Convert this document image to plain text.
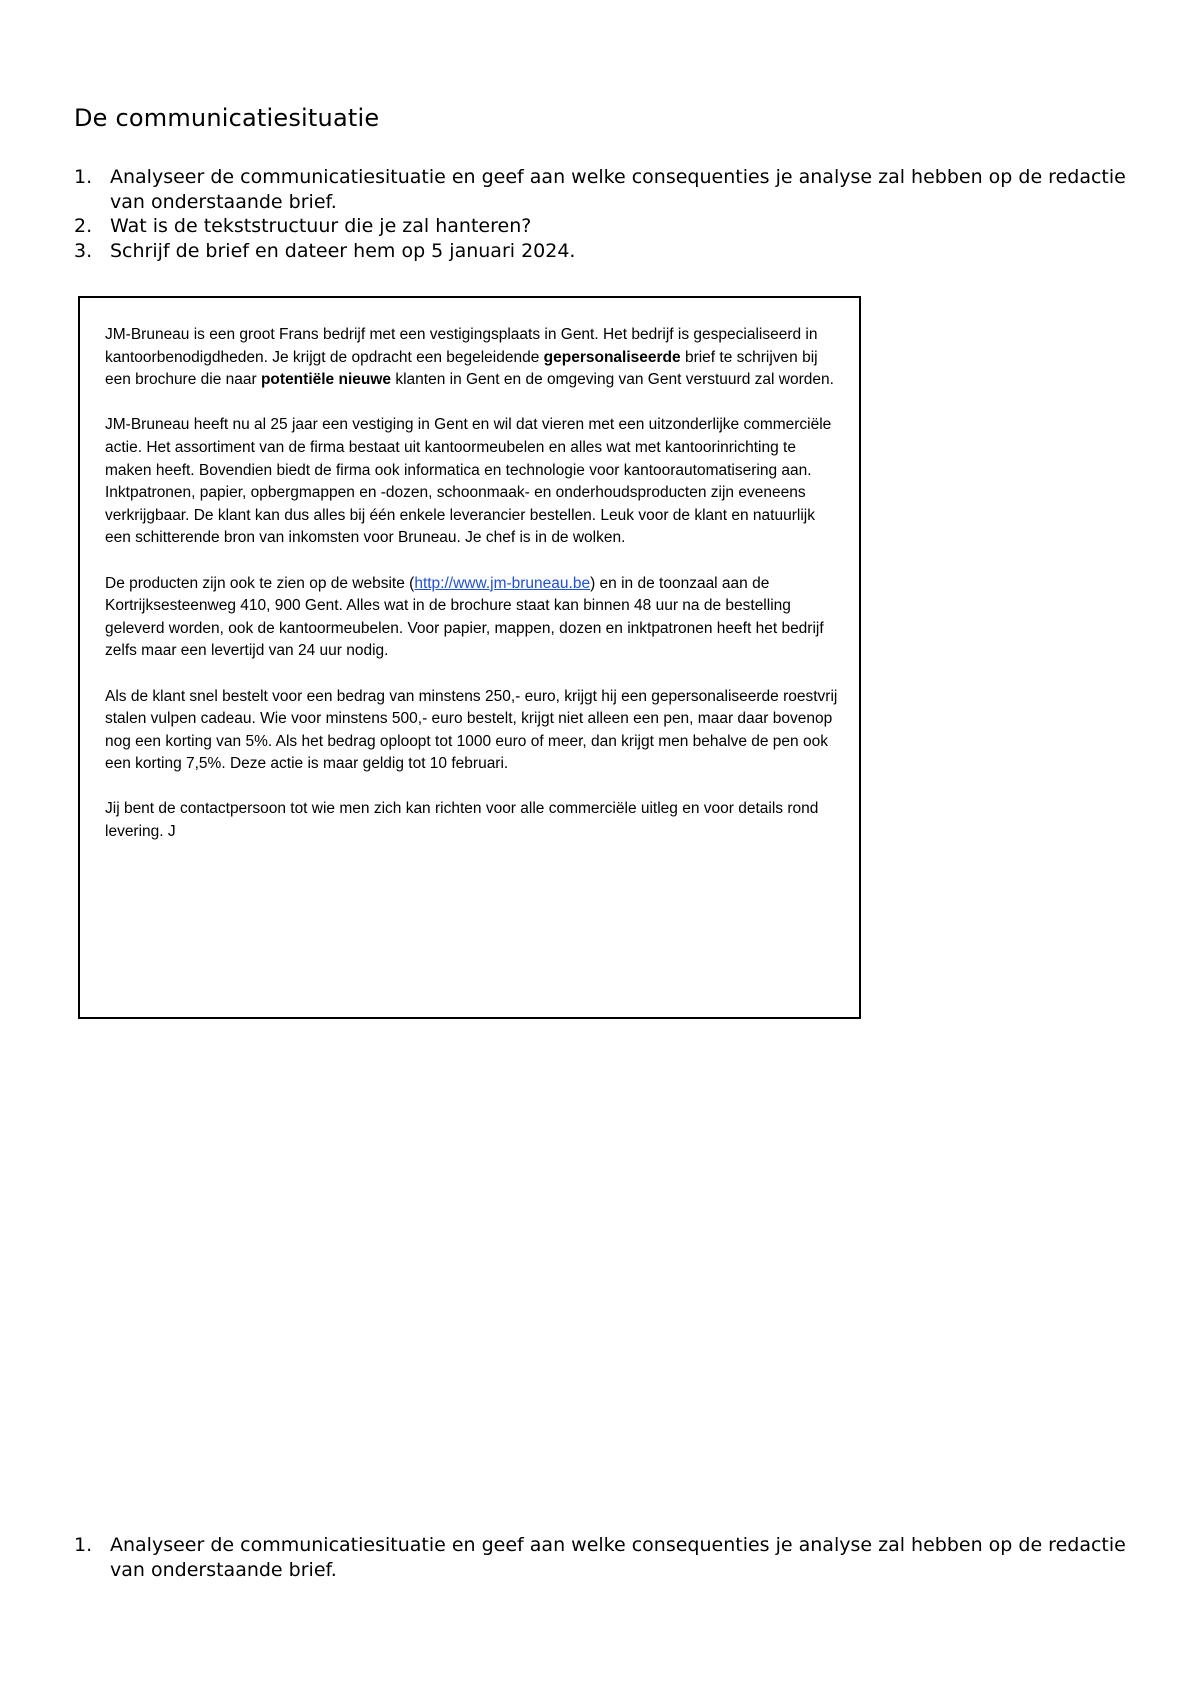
De communicatiesituatie
1. Analyseer de communicatiesituatie en geef aan welke consequenties je analyse zal hebben op de redactie van onderstaande brief.
2. Wat is de tekststructuur die je zal hanteren?
3. Schrijf de brief en dateer hem op 5 januari 2024.

JM-Bruneau is een groot Frans bedrijf met een vestigingsplaats in Gent. Het bedrijf is gespecialiseerd in kantoorbenodigdheden. Je krijgt de opdracht een begeleidende gepersonaliseerde brief te schrijven bij een brochure die naar potentiële nieuwe klanten in Gent en de omgeving van Gent verstuurd zal worden.

JM-Bruneau heeft nu al 25 jaar een vestiging in Gent en wil dat vieren met een uitzonderlijke commerciële actie. Het assortiment van de firma bestaat uit kantoormeubelen en alles wat met kantoorinrichting te maken heeft. Bovendien biedt de firma ook informatica en technologie voor kantoorautomatisering aan. Inktpatronen, papier, opbergmappen en -dozen, schoonmaak- en onderhoudsproducten zijn eveneens verkrijgbaar. De klant kan dus alles bij één enkele leverancier bestellen. Leuk voor de klant en natuurlijk een schitterende bron van inkomsten voor Bruneau. Je chef is in de wolken.

De producten zijn ook te zien op de website (http://www.jm-bruneau.be) en in de toonzaal aan de Kortrijksesteenweg 410, 900 Gent. Alles wat in de brochure staat kan binnen 48 uur na de bestelling geleverd worden, ook de kantoormeubelen. Voor papier, mappen, dozen en inktpatronen heeft het bedrijf zelfs maar een levertijd van 24 uur nodig.

Als de klant snel bestelt voor een bedrag van minstens 250,- euro, krijgt hij een gepersonaliseerde roestvrij stalen vulpen cadeau. Wie voor minstens 500,- euro bestelt, krijgt niet alleen een pen, maar daar bovenop nog een korting van 5%. Als het bedrag oploopt tot 1000 euro of meer, dan krijgt men behalve de pen ook een korting 7,5%. Deze actie is maar geldig tot 10 februari.

Jij bent de contactpersoon tot wie men zich kan richten voor alle commerciële uitleg en voor details rond levering. J

1. Analyseer de communicatiesituatie en geef aan welke consequenties je analyse zal hebben op de redactie van onderstaande brief.
